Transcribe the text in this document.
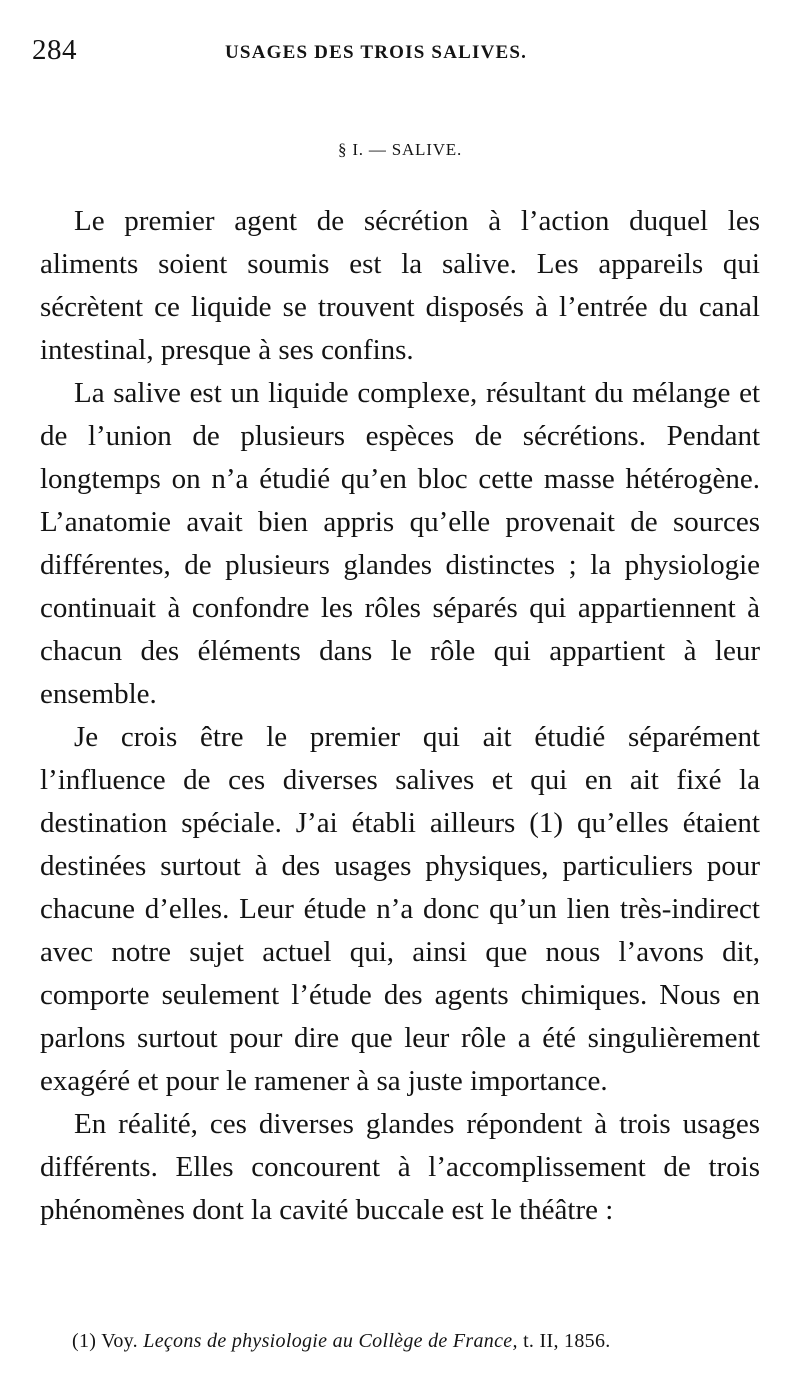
284	USAGES DES TROIS SALIVES.
§ I. — SALIVE.

Le premier agent de sécrétion à l’action duquel les aliments soient soumis est la salive. Les appareils qui sécrètent ce liquide se trouvent disposés à l’entrée du canal intestinal, presque à ses confins.

La salive est un liquide complexe, résultant du mélange et de l’union de plusieurs espèces de sécrétions. Pendant longtemps on n’a étudié qu’en bloc cette masse hétérogène. L’anatomie avait bien appris qu’elle provenait de sources différentes, de plusieurs glandes distinctes ; la physiologie continuait à confondre les rôles séparés qui appartiennent à chacun des éléments dans le rôle qui appartient à leur ensemble.

Je crois être le premier qui ait étudié séparément l’influence de ces diverses salives et qui en ait fixé la destination spéciale. J’ai établi ailleurs (1) qu’elles étaient destinées surtout à des usages physiques, particuliers pour chacune d’elles. Leur étude n’a donc qu’un lien très-indirect avec notre sujet actuel qui, ainsi que nous l’avons dit, comporte seulement l’étude des agents chimiques. Nous en parlons surtout pour dire que leur rôle a été singulièrement exagéré et pour le ramener à sa juste importance.

En réalité, ces diverses glandes répondent à trois usages différents. Elles concourent à l’accomplissement de trois phénomènes dont la cavité buccale est le théâtre :

(1) Voy. Leçons de physiologie au Collège de France, t. II, 1856.
